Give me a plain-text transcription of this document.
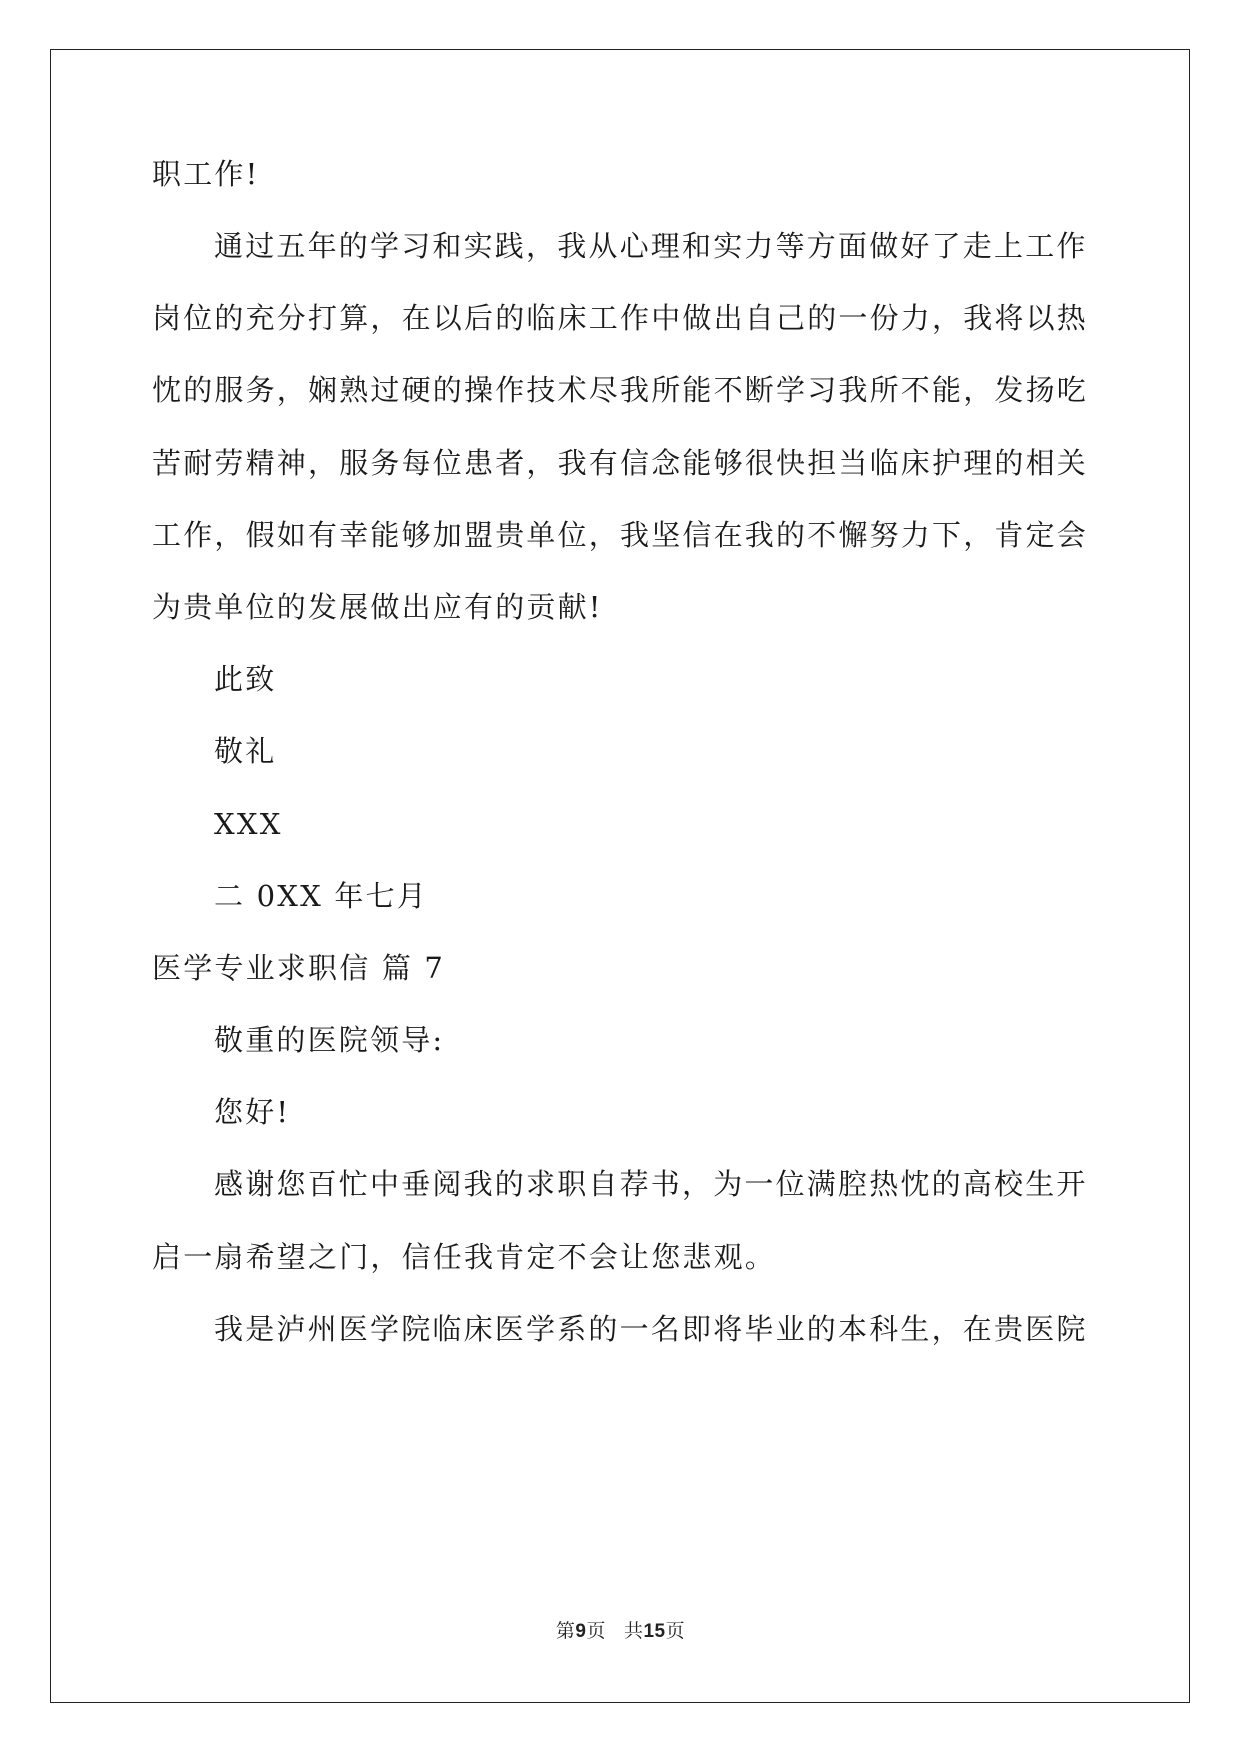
职工作!
通过五年的学习和实践，我从心理和实力等方面做好了走上工作
岗位的充分打算，在以后的临床工作中做出自己的一份力，我将以热
忱的服务，娴熟过硬的操作技术尽我所能不断学习我所不能，发扬吃
苦耐劳精神，服务每位患者，我有信念能够很快担当临床护理的相关
工作，假如有幸能够加盟贵单位，我坚信在我的不懈努力下，肯定会
为贵单位的发展做出应有的贡献!
此致
敬礼
XXX
二 0XX 年七月
医学专业求职信 篇 7
敬重的医院领导:
您好!
感谢您百忙中垂阅我的求职自荐书，为一位满腔热忱的高校生开
启一扇希望之门，信任我肯定不会让您悲观。
我是泸州医学院临床医学系的一名即将毕业的本科生，在贵医院
第9页 共15页
